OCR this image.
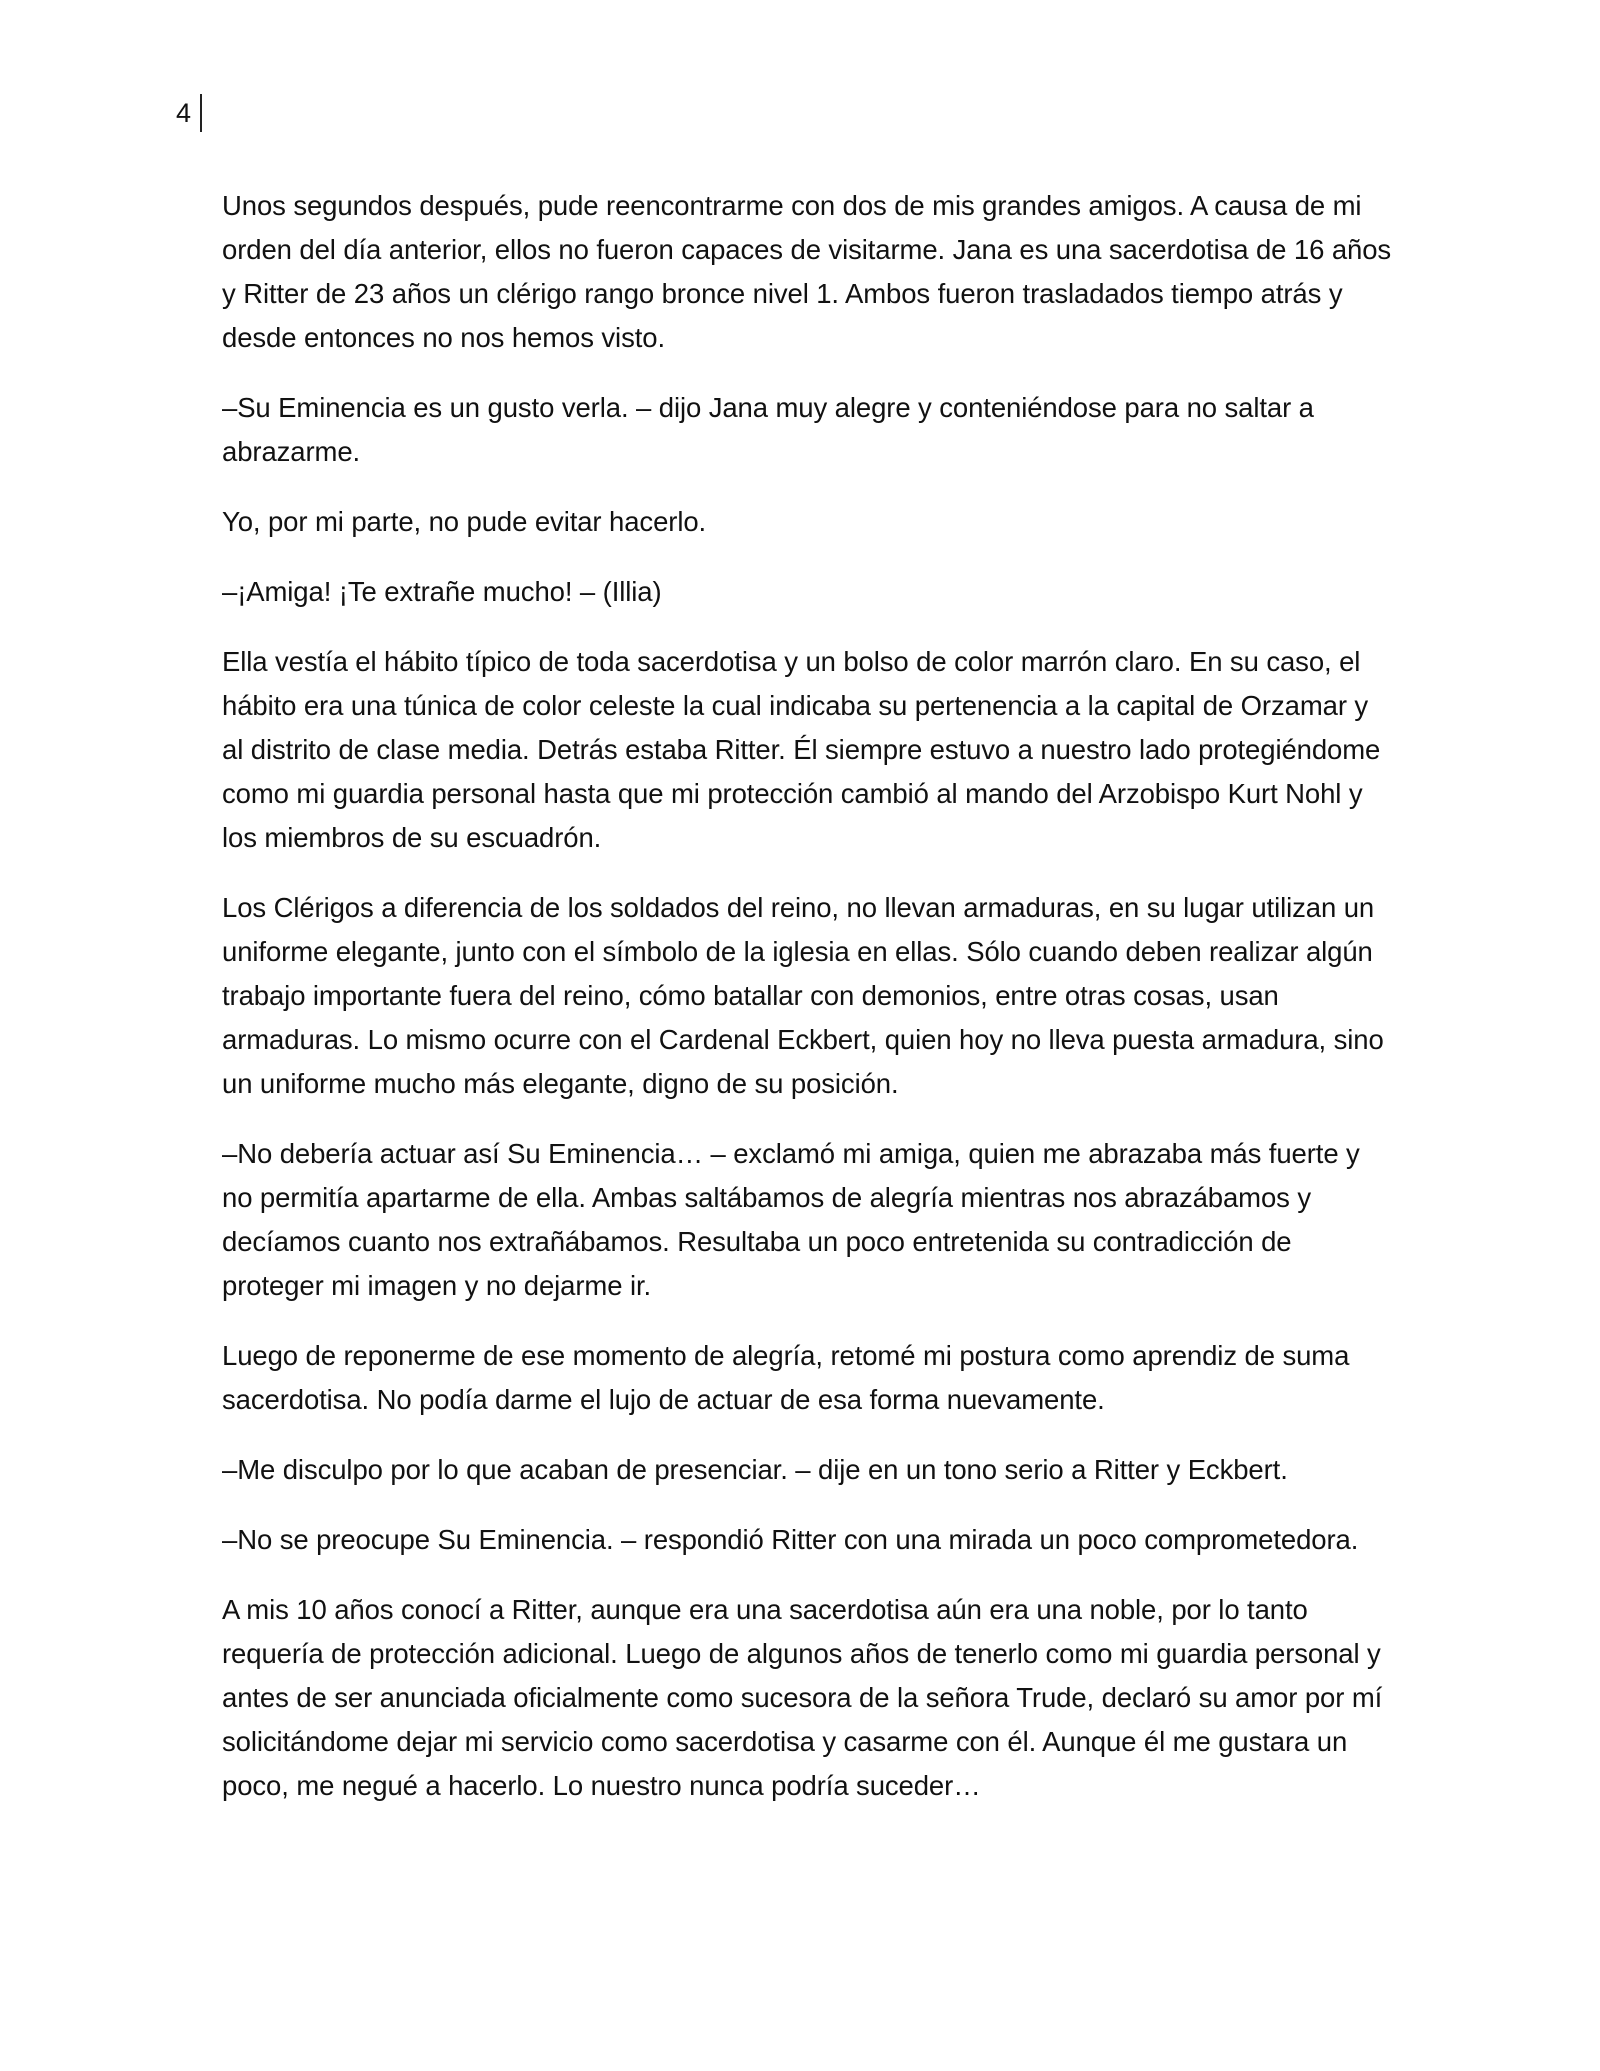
4

Unos segundos después, pude reencontrarme con dos de mis grandes amigos. A causa de mi orden del día anterior, ellos no fueron capaces de visitarme. Jana es una sacerdotisa de 16 años y Ritter de 23 años un clérigo rango bronce nivel 1. Ambos fueron trasladados tiempo atrás y desde entonces no nos hemos visto.

–Su Eminencia es un gusto verla. – dijo Jana muy alegre y conteniéndose para no saltar a abrazarme.

Yo, por mi parte, no pude evitar hacerlo.

–¡Amiga! ¡Te extrañe mucho! – (Illia)

Ella vestía el hábito típico de toda sacerdotisa y un bolso de color marrón claro. En su caso, el hábito era una túnica de color celeste la cual indicaba su pertenencia a la capital de Orzamar y al distrito de clase media. Detrás estaba Ritter. Él siempre estuvo a nuestro lado protegiéndome como mi guardia personal hasta que mi protección cambió al mando del Arzobispo Kurt Nohl y los miembros de su escuadrón.

Los Clérigos a diferencia de los soldados del reino, no llevan armaduras, en su lugar utilizan un uniforme elegante, junto con el símbolo de la iglesia en ellas. Sólo cuando deben realizar algún trabajo importante fuera del reino, cómo batallar con demonios, entre otras cosas, usan armaduras. Lo mismo ocurre con el Cardenal Eckbert, quien hoy no lleva puesta armadura, sino un uniforme mucho más elegante, digno de su posición.

–No debería actuar así Su Eminencia… – exclamó mi amiga, quien me abrazaba más fuerte y no permitía apartarme de ella. Ambas saltábamos de alegría mientras nos abrazábamos y decíamos cuanto nos extrañábamos. Resultaba un poco entretenida su contradicción de proteger mi imagen y no dejarme ir.

Luego de reponerme de ese momento de alegría, retomé mi postura como aprendiz de suma sacerdotisa. No podía darme el lujo de actuar de esa forma nuevamente.

–Me disculpo por lo que acaban de presenciar. – dije en un tono serio a Ritter y Eckbert.

–No se preocupe Su Eminencia. – respondió Ritter con una mirada un poco comprometedora.

A mis 10 años conocí a Ritter, aunque era una sacerdotisa aún era una noble, por lo tanto requería de protección adicional. Luego de algunos años de tenerlo como mi guardia personal y antes de ser anunciada oficialmente como sucesora de la señora Trude, declaró su amor por mí solicitándome dejar mi servicio como sacerdotisa y casarme con él. Aunque él me gustara un poco, me negué a hacerlo. Lo nuestro nunca podría suceder…
